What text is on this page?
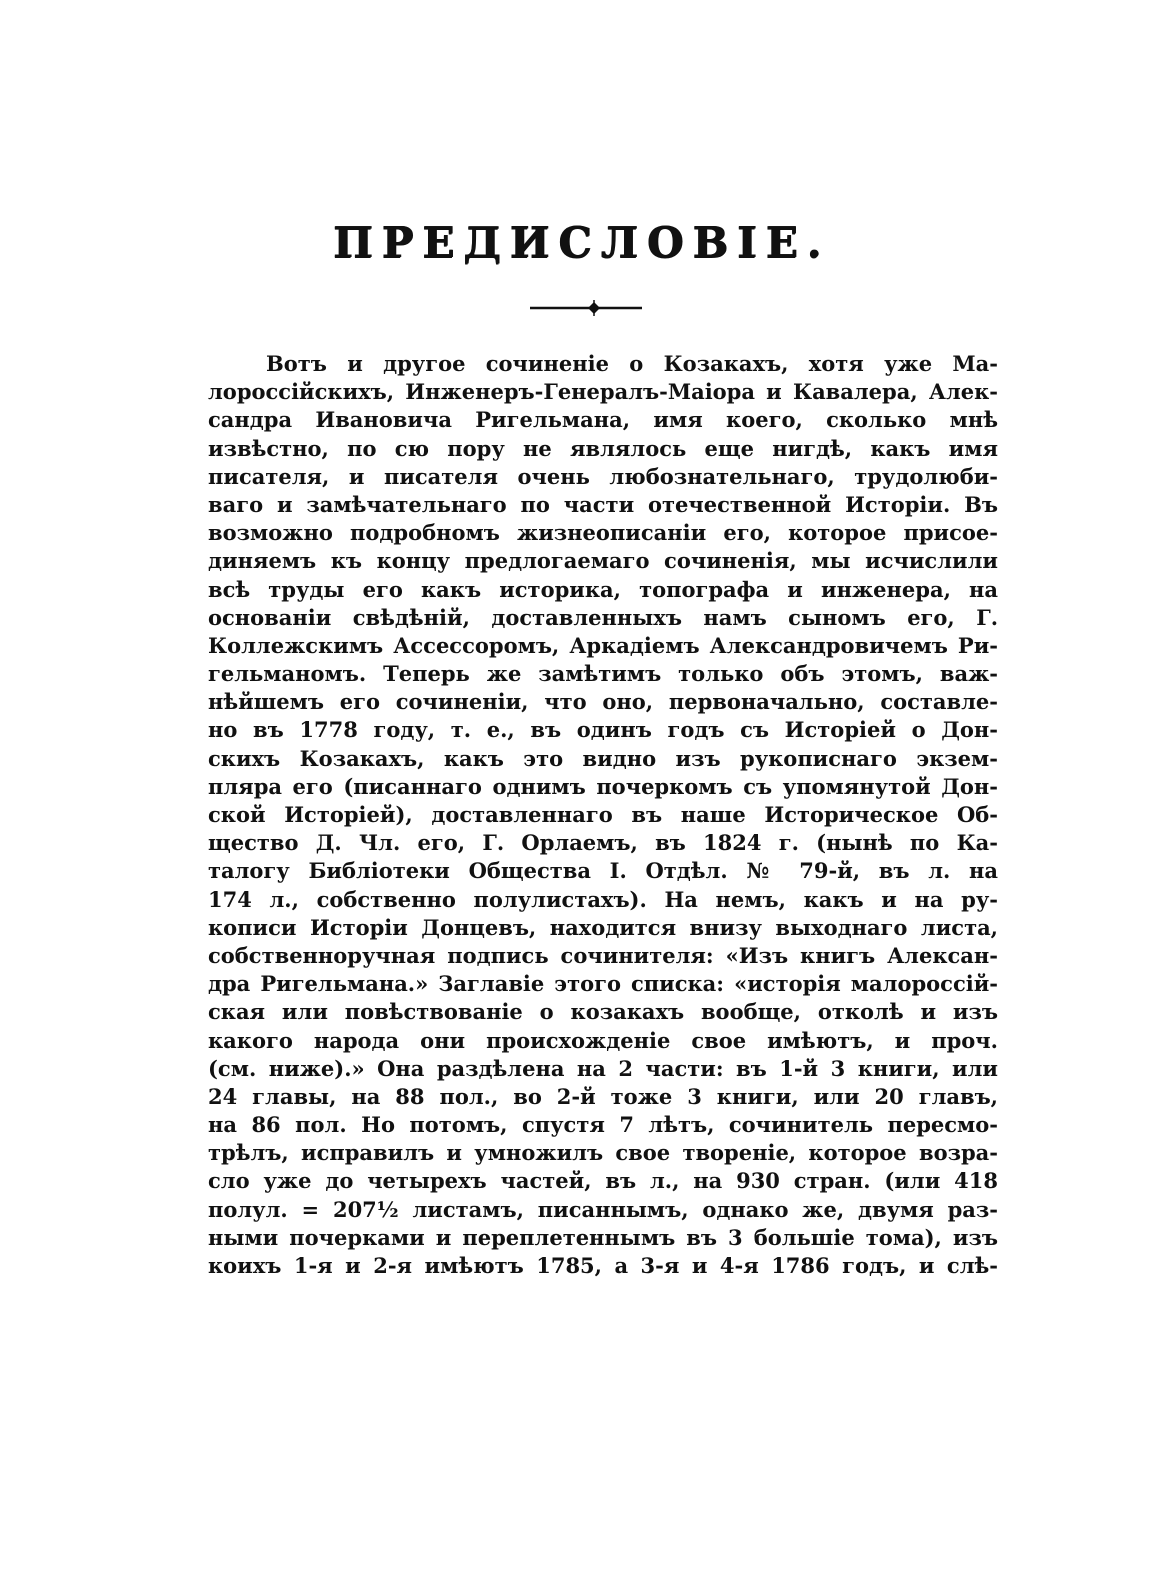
ПРЕДИСЛОВІЕ.
Вотъ и другое сочиненіе о Козакахъ, хотя уже Ма-
лороссійскихъ, Инженеръ-Генералъ-Маіора и Кавалера, Алек-
сандра Ивановича Ригельмана, имя коего, сколько мнѣ
извѣстно, по сю пору не являлось еще нигдѣ, какъ имя
писателя, и писателя очень любознательнаго, трудолюби-
ваго и замѣчательнаго по части отечественной Исторіи. Въ
возможно подробномъ жизнеописаніи его, которое присое-
диняемъ къ концу предлогаемаго сочиненія, мы исчислили
всѣ труды его какъ историка, топографа и инженера, на
основаніи свѣдѣній, доставленныхъ намъ сыномъ его, Г.
Коллежскимъ Ассессоромъ, Аркадіемъ Александровичемъ Ри-
гельманомъ. Теперь же замѣтимъ только объ этомъ, важ-
нѣйшемъ его сочиненіи, что оно, первоначально, составле-
но въ 1778 году, т. е., въ одинъ годъ съ Исторіей о Дон-
скихъ Козакахъ, какъ это видно изъ рукописнаго экзем-
пляра его (писаннаго однимъ почеркомъ съ упомянутой Дон-
ской Исторіей), доставленнаго въ наше Историческое Об-
щество Д. Чл. его, Г. Орлаемъ, въ 1824 г. (нынѣ по Ка-
талогу Библіотеки Общества I. Отдѣл. № 79-й, въ л. на
174 л., собственно полулистахъ). На немъ, какъ и на ру-
кописи Исторіи Донцевъ, находится внизу выходнаго листа,
собственноручная подпись сочинителя: «Изъ книгъ Алексан-
дра Ригельмана.» Заглавіе этого списка: «исторія малороссій-
ская или повѣствованіе о козакахъ вообще, отколѣ и изъ
какого народа они происхожденіе свое имѣютъ, и проч.
(см. ниже).» Она раздѣлена на 2 части: въ 1-й 3 книги, или
24 главы, на 88 пол., во 2-й тоже 3 книги, или 20 главъ,
на 86 пол. Но потомъ, спустя 7 лѣтъ, сочинитель пересмо-
трѣлъ, исправилъ и умножилъ свое твореніе, которое возра-
сло уже до четырехъ частей, въ л., на 930 стран. (или 418
полул. = 207½ листамъ, писаннымъ, однако же, двумя раз-
ными почерками и переплетеннымъ въ 3 большіе тома), изъ
коихъ 1-я и 2-я имѣютъ 1785, а 3-я и 4-я 1786 годъ, и слѣ-
